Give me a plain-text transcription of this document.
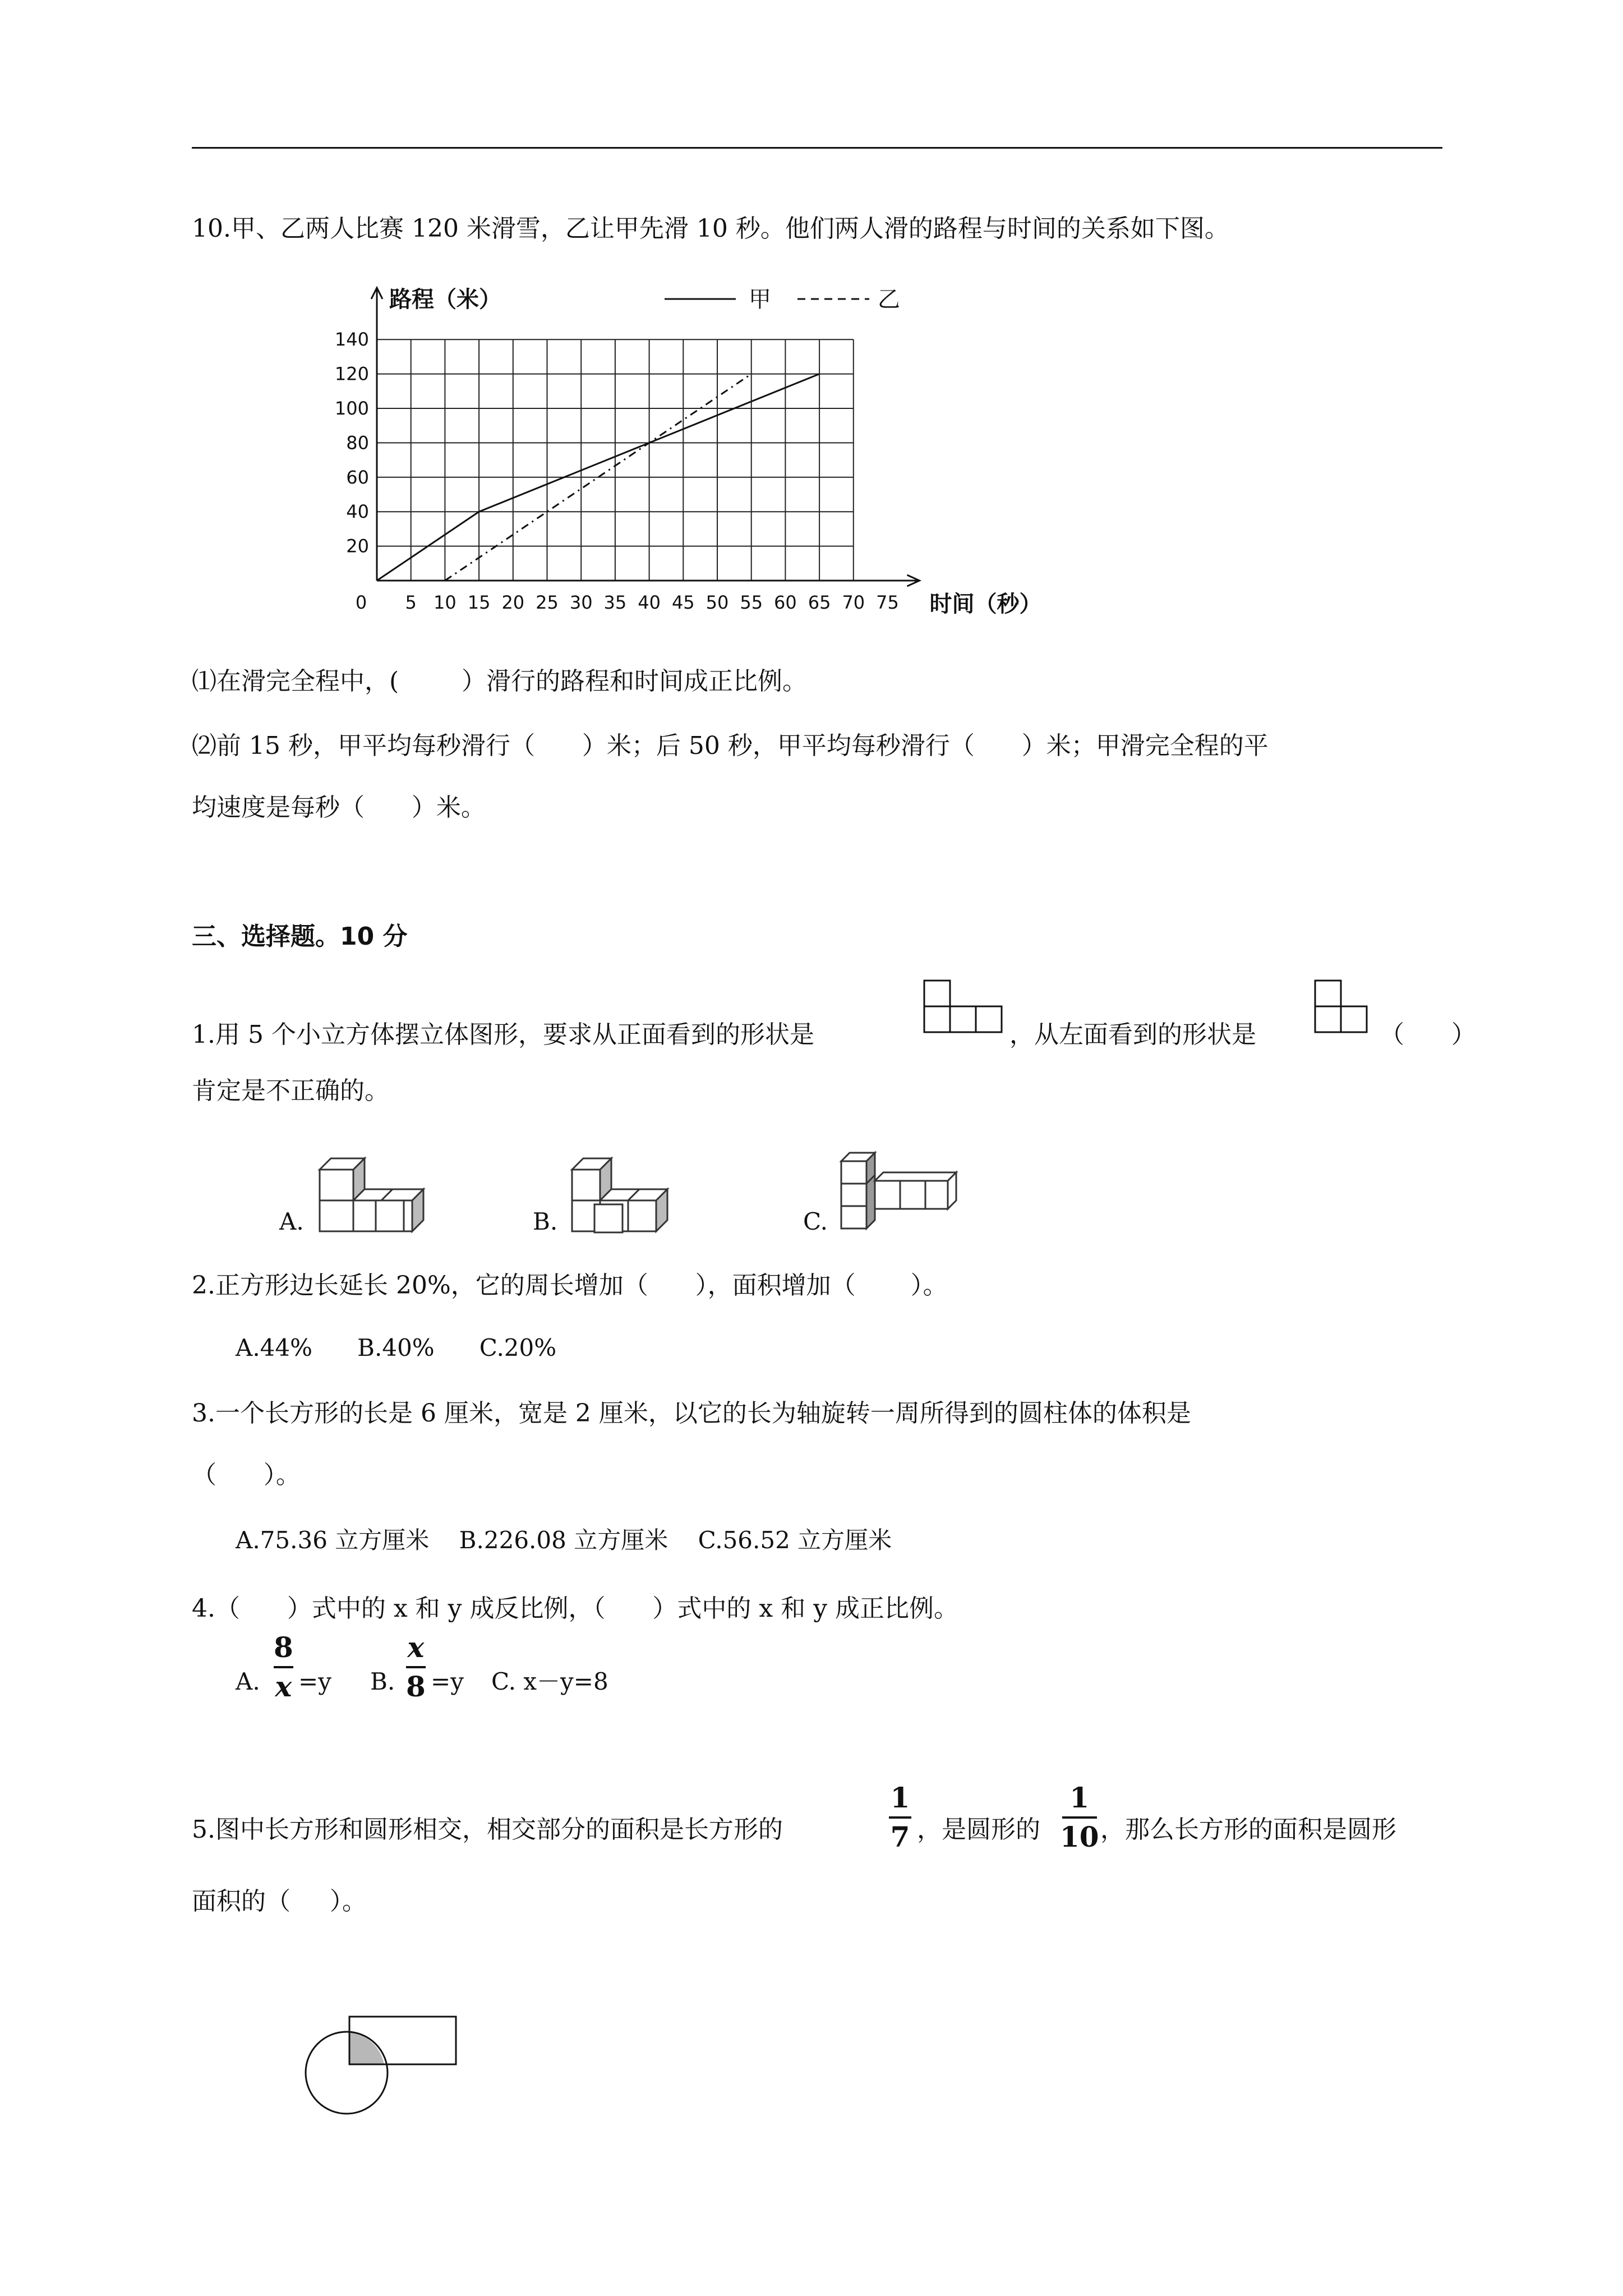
10.甲、乙两人比赛 120 米滑雪，乙让甲先滑 10 秒。他们两人滑的路程与时间的关系如下图。
5 10 15 20 25 30 35 40 45 50 55 60 65 70 75
20
40
60
80
100
120
140
0
路程（米）
时间（秒）
甲	乙
⑴在滑完全程中，(        ）滑行的路程和时间成正比例。
⑵前 15 秒，甲平均每秒滑行（      ）米；后 50 秒，甲平均每秒滑行（      ）米；甲滑完全程的平
均速度是每秒（      ）米。
三、选择题。10 分
1.用 5 个小立方体摆立体图形，要求从正面看到的形状是	，从左面看到的形状是	（      ）
肯定是不正确的。
A.	B.	C.
2.正方形边长延长 20%，它的周长增加（      ），面积增加（       ）。
A.44%      B.40%      C.20%
3.一个长方形的长是 6 厘米，宽是 2 厘米，以它的长为轴旋转一周所得到的圆柱体的体积是
（      ）。
A.75.36 立方厘米    B.226.08 立方厘米    C.56.52 立方厘米
4.（      ）式中的 x 和 y 成反比例，（      ）式中的 x 和 y 成正比例。
A.
8
x =y B.
x
8 =y C. x－y=8
5.图中长方形和圆形相交，相交部分的面积是长方形的
1
7 ，是圆形的
1
10 ，那么长方形的面积是圆形
面积的（     ）。
